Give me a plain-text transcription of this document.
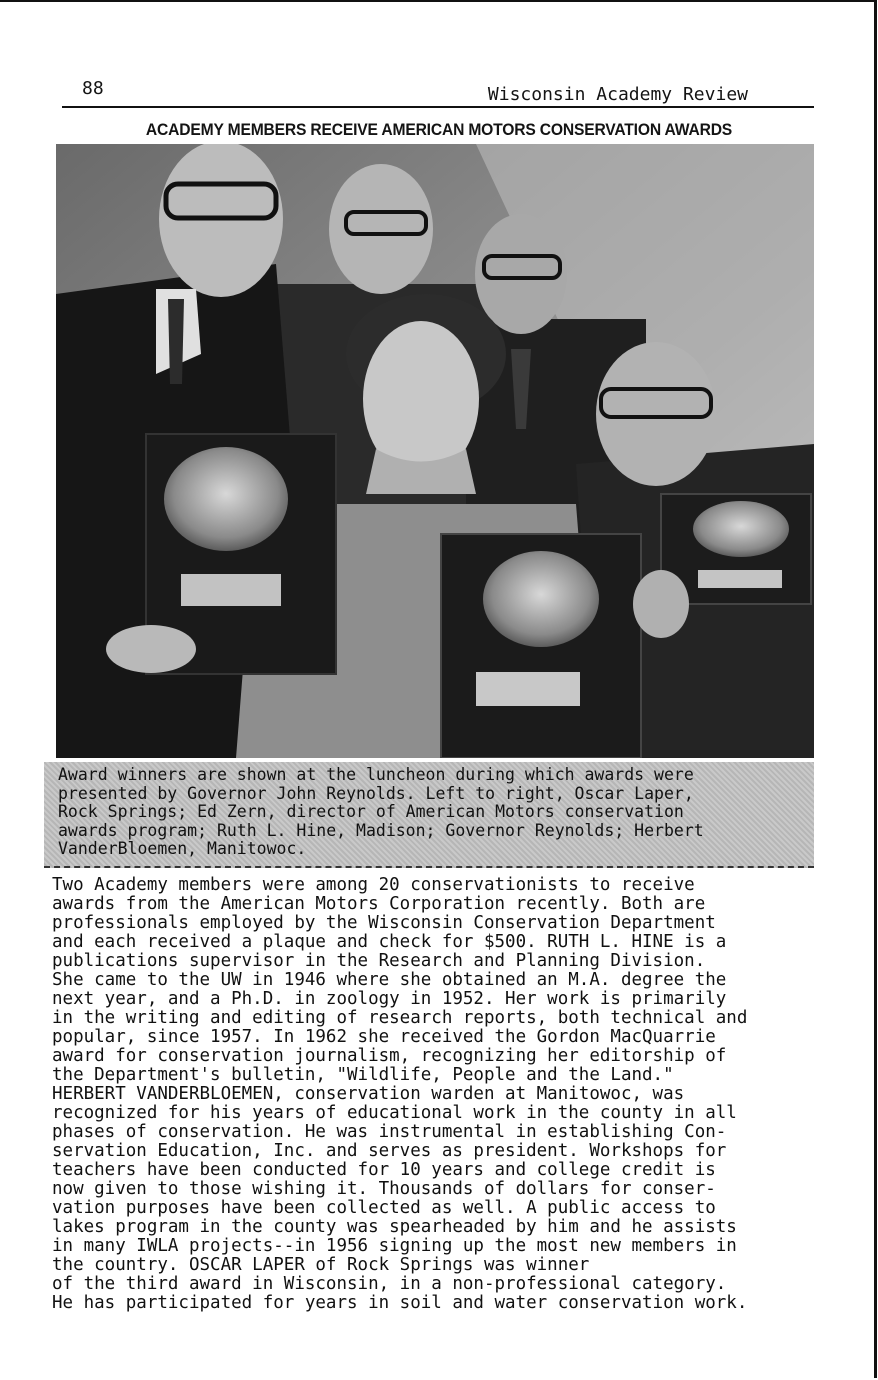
88	Wisconsin Academy Review
ACADEMY MEMBERS RECEIVE AMERICAN MOTORS CONSERVATION AWARDS

Award winners are shown at the luncheon during which awards were
presented by Governor John Reynolds. Left to right, Oscar Laper,
Rock Springs; Ed Zern, director of American Motors conservation
awards program; Ruth L. Hine, Madison; Governor Reynolds; Herbert
VanderBloemen, Manitowoc.

Two Academy members were among 20 conservationists to receive
awards from the American Motors Corporation recently. Both are
professionals employed by the Wisconsin Conservation Department
and each received a plaque and check for $500. RUTH L. HINE is a
publications supervisor in the Research and Planning Division.
She came to the UW in 1946 where she obtained an M.A. degree the
next year, and a Ph.D. in zoology in 1952. Her work is primarily
in the writing and editing of research reports, both technical and
popular, since 1957. In 1962 she received the Gordon MacQuarrie
award for conservation journalism, recognizing her editorship of
the Department's bulletin, "Wildlife, People and the Land."
HERBERT VANDERBLOEMEN, conservation warden at Manitowoc, was
recognized for his years of educational work in the county in all
phases of conservation. He was instrumental in establishing Con-
servation Education, Inc. and serves as president. Workshops for
teachers have been conducted for 10 years and college credit is
now given to those wishing it. Thousands of dollars for conser-
vation purposes have been collected as well. A public access to
lakes program in the county was spearheaded by him and he assists
in many IWLA projects--in 1956 signing up the most new members in
the country. OSCAR LAPER of Rock Springs was winner
of the third award in Wisconsin, in a non-professional category.
He has participated for years in soil and water conservation work.
